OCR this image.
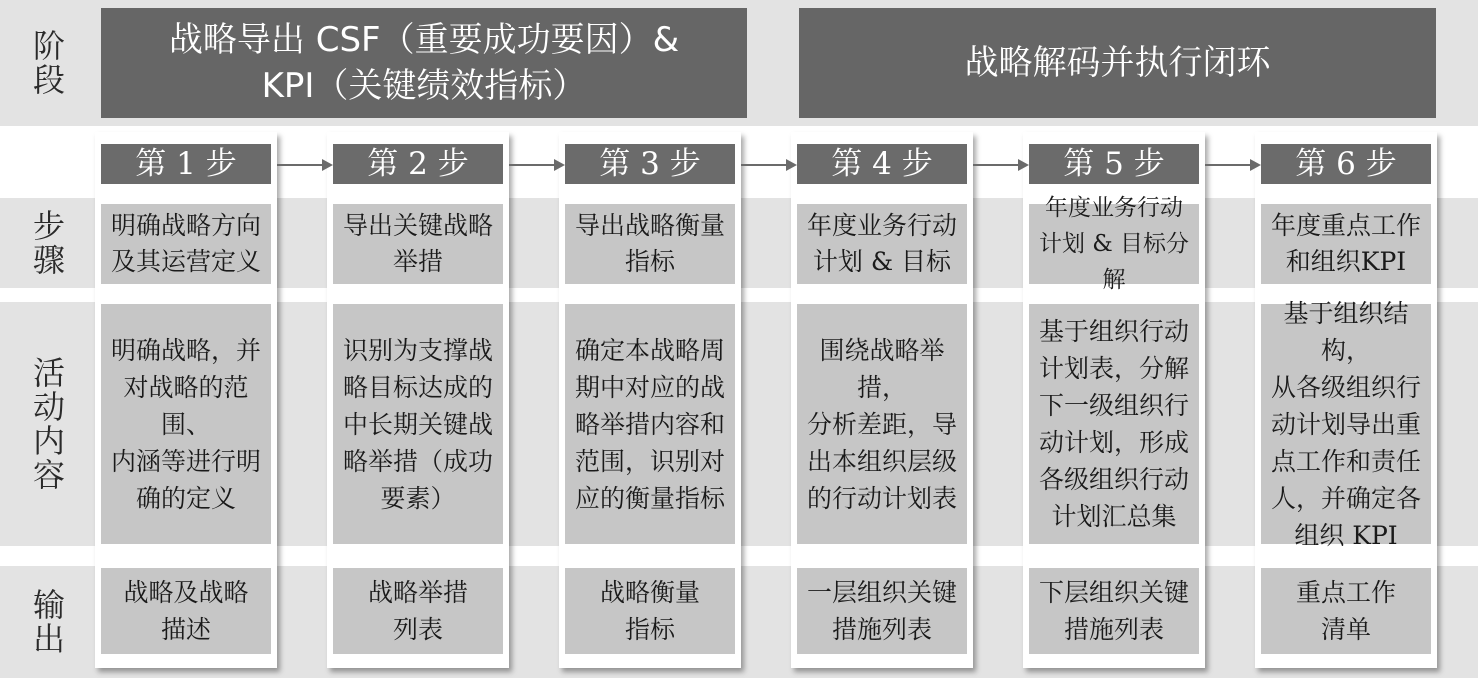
阶段
步骤
活动内容
输出
战略导出 CSF（重要成功要因）&
KPI（关键绩效指标）
战略解码并执行闭环
第 1 步
明确战略方向
及其运营定义
明确战略，并
对战略的范围、
内涵等进行明
确的定义
战略及战略
描述
第 2 步
导出关键战略
举措
识别为支撑战
略目标达成的
中长期关键战
略举措（成功
要素）
战略举措
列表
第 3 步
导出战略衡量
指标
确定本战略周
期中对应的战
略举措内容和
范围，识别对
应的衡量指标
战略衡量
指标
第 4 步
年度业务行动
计划 & 目标
围绕战略举措，
分析差距，导
出本组织层级
的行动计划表
一层组织关键
措施列表
第 5 步
年度业务行动
计划 & 目标分解
基于组织行动
计划表，分解
下一级组织行
动计划，形成
各级组织行动
计划汇总集
下层组织关键
措施列表
第 6 步
年度重点工作
和组织KPI
基于组织结构，
从各级组织行
动计划导出重
点工作和责任
人，并确定各
组织 KPI
重点工作
清单
